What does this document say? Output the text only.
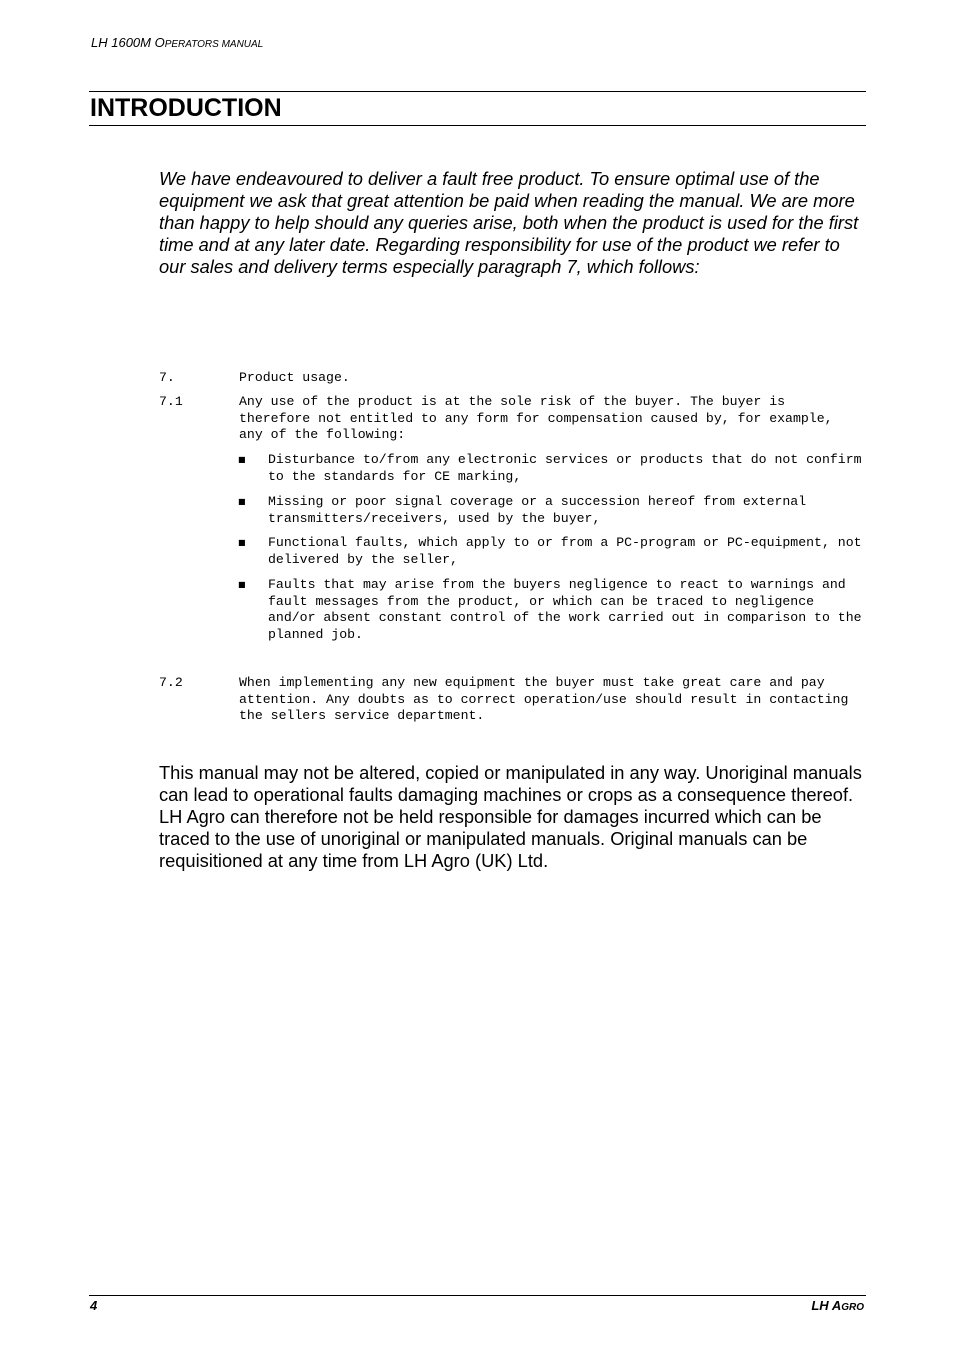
LH 1600M OPERATORS MANUAL
INTRODUCTION

We have endeavoured to deliver a fault free product. To ensure optimal use of the equipment we ask that great attention be paid when reading the manual. We are more than happy to help should any queries arise, both when the product is used for the first time and at any later date. Regarding responsibility for use of the product we refer to our sales and delivery terms especially paragraph 7, which follows:

7.	Product usage.
7.1	Any use of the product is at the sole risk of the buyer. The buyer is therefore not entitled to any form for compensation caused by, for example, any of the following:
■ Disturbance to/from any electronic services or products that do not confirm to the standards for CE marking,
■ Missing or poor signal coverage or a succession hereof from external transmitters/receivers, used by the buyer,
■ Functional faults, which apply to or from a PC-program or PC-equipment, not delivered by the seller,
■ Faults that may arise from the buyers negligence to react to warnings and fault messages from the product, or which can be traced to negligence and/or absent constant control of the work carried out in comparison to the planned job.
7.2	When implementing any new equipment the buyer must take great care and pay attention. Any doubts as to correct operation/use should result in contacting the sellers service department.

This manual may not be altered, copied or manipulated in any way. Unoriginal manuals can lead to operational faults damaging machines or crops as a consequence thereof. LH Agro can therefore not be held responsible for damages incurred which can be traced to the use of unoriginal or manipulated manuals. Original manuals can be requisitioned at any time from LH Agro (UK) Ltd.

4	LH AGRO
